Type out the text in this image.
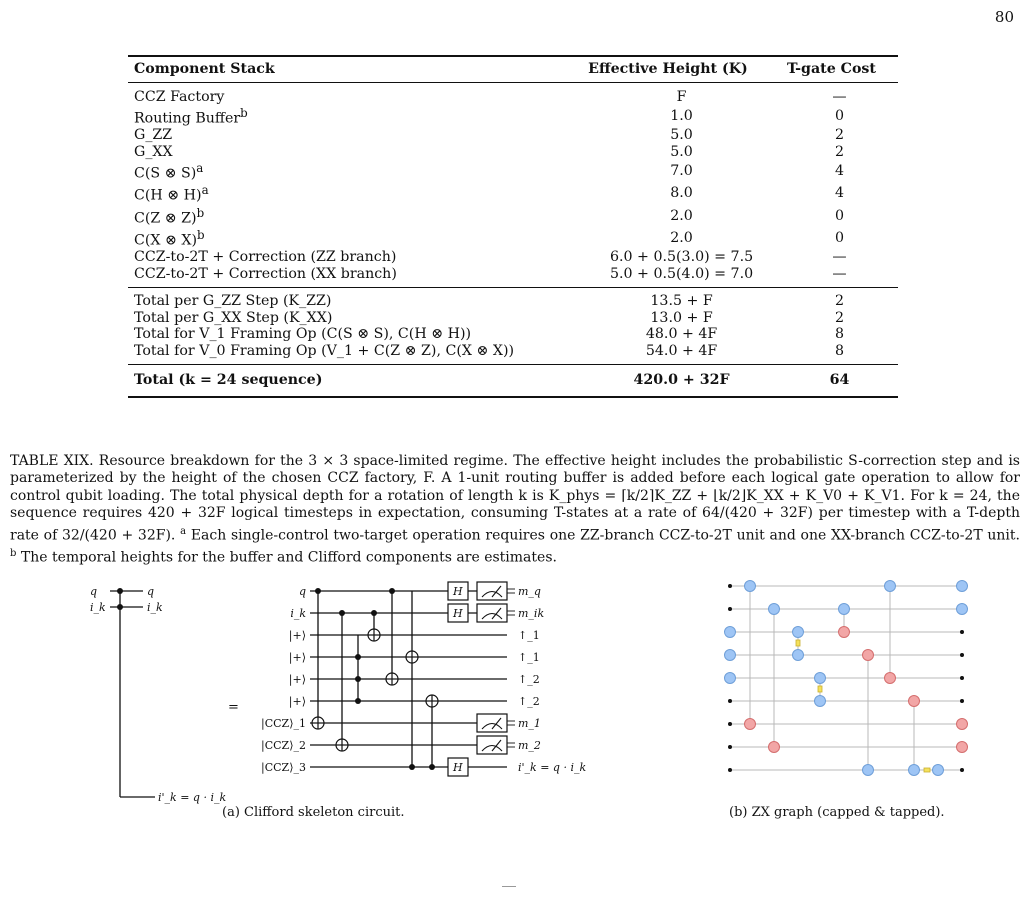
80
Component Stack	Effective Height (K)	T-gate Cost
CCZ Factory	F	—
Routing Buffer$^b$	1.0	0
G_ZZ	5.0	2
G_XX	5.0	2
C(S ⊗ S)$^a$	7.0	4
C(H ⊗ H)$^a$	8.0	4
C(Z ⊗ Z)$^b$	2.0	0
C(X ⊗ X)$^b$	2.0	0
CCZ-to-2T + Correction (ZZ branch)	6.0 + 0.5(3.0) = 7.5	—
CCZ-to-2T + Correction (XX branch)	5.0 + 0.5(4.0) = 7.0	—
Total per G_ZZ Step (K_ZZ)	13.5 + F	2
Total per G_XX Step (K_XX)	13.0 + F	2
Total for V_1 Framing Op (C(S ⊗ S), C(H ⊗ H))	48.0 + 4F	8
Total for V_0 Framing Op (V_1 + C(Z ⊗ Z), C(X ⊗ X))	54.0 + 4F	8
Total (k = 24 sequence)	420.0 + 32F	64
TABLE XIX. Resource breakdown for the 3 × 3 space-limited regime. The effective height includes the probabilistic S-correction step and is parameterized by the height of the chosen CCZ factory, F. A 1-unit routing buffer is added before each logical gate operation to allow for control qubit loading. The total physical depth for a rotation of length k is K_phys = ⌈k/2⌉K_ZZ + ⌊k/2⌋K_XX + K_V0 + K_V1. For k = 24, the sequence requires 420 + 32F logical timesteps in expectation, consuming T-states at a rate of 64/(420 + 32F) per timestep with a T-depth rate of 32/(420 + 32F). $^a$ Each single-control two-target operation requires one ZZ-branch CCZ-to-2T unit and one XX-branch CCZ-to-2T unit. $^b$ The temporal heights for the buffer and Clifford components are estimates.
q
i_k
q
i_k
i'_k = q · i_k
=
H
H
H
q
i_k
|+⟩
|+⟩
|+⟩
|+⟩
|CCZ⟩_1
|CCZ⟩_2
|CCZ⟩_3
m_q
m_ik
↑_1
↑_1
↑_2
↑_2
m_1
m_2
i'_k = q · i_k
(a) Clifford skeleton circuit.	(b) ZX graph (capped & tapped).
